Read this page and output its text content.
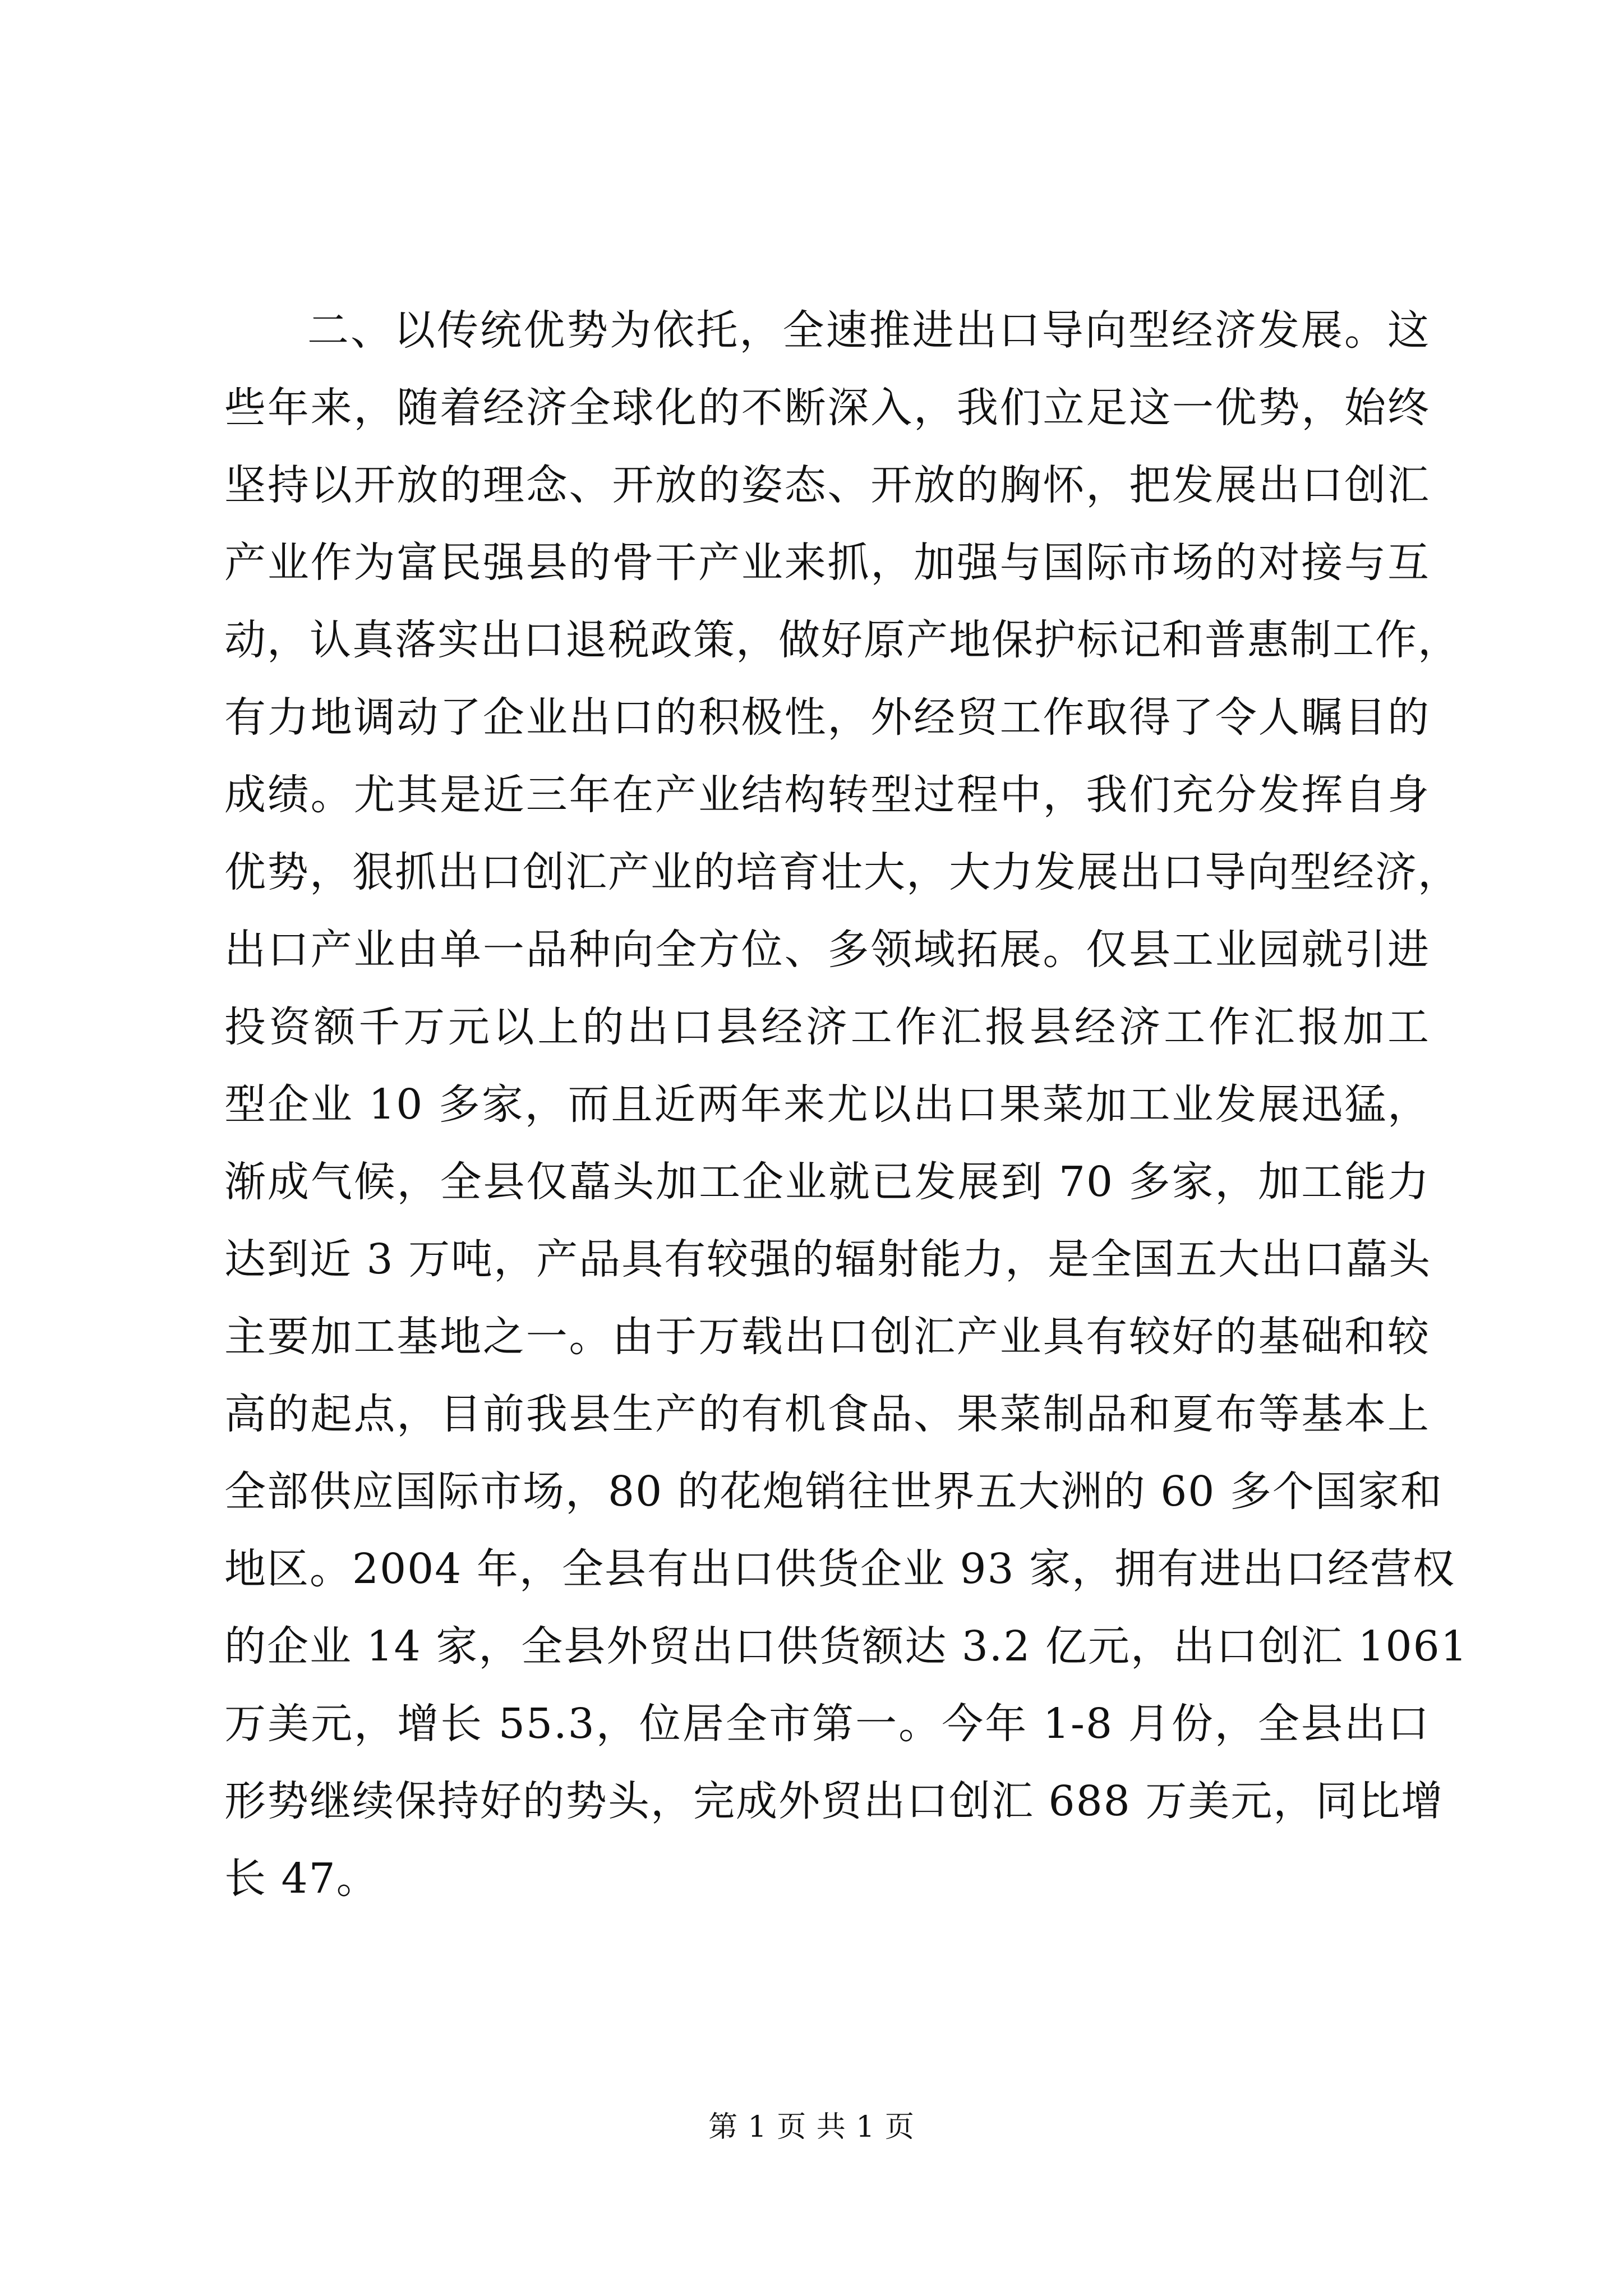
二、以传统优势为依托，全速推进出口导向型经济发展。这
些年来，随着经济全球化的不断深入，我们立足这一优势，始终
坚持以开放的理念、开放的姿态、开放的胸怀，把发展出口创汇
产业作为富民强县的骨干产业来抓，加强与国际市场的对接与互
动，认真落实出口退税政策，做好原产地保护标记和普惠制工作，
有力地调动了企业出口的积极性，外经贸工作取得了令人瞩目的
成绩。尤其是近三年在产业结构转型过程中，我们充分发挥自身
优势，狠抓出口创汇产业的培育壮大，大力发展出口导向型经济，
出口产业由单一品种向全方位、多领域拓展。仅县工业园就引进
投资额千万元以上的出口县经济工作汇报县经济工作汇报加工
型企业 10 多家，而且近两年来尤以出口果菜加工业发展迅猛，
渐成气候，全县仅藠头加工企业就已发展到 70 多家，加工能力
达到近 3 万吨，产品具有较强的辐射能力，是全国五大出口藠头
主要加工基地之一。由于万载出口创汇产业具有较好的基础和较
高的起点，目前我县生产的有机食品、果菜制品和夏布等基本上
全部供应国际市场，80 的花炮销往世界五大洲的 60 多个国家和
地区。2004 年，全县有出口供货企业 93 家，拥有进出口经营权
的企业 14 家，全县外贸出口供货额达 3.2 亿元，出口创汇 1061
万美元，增长 55.3，位居全市第一。今年 1-8 月份，全县出口
形势继续保持好的势头，完成外贸出口创汇 688 万美元，同比增
长 47。
第 1 页 共 1 页
